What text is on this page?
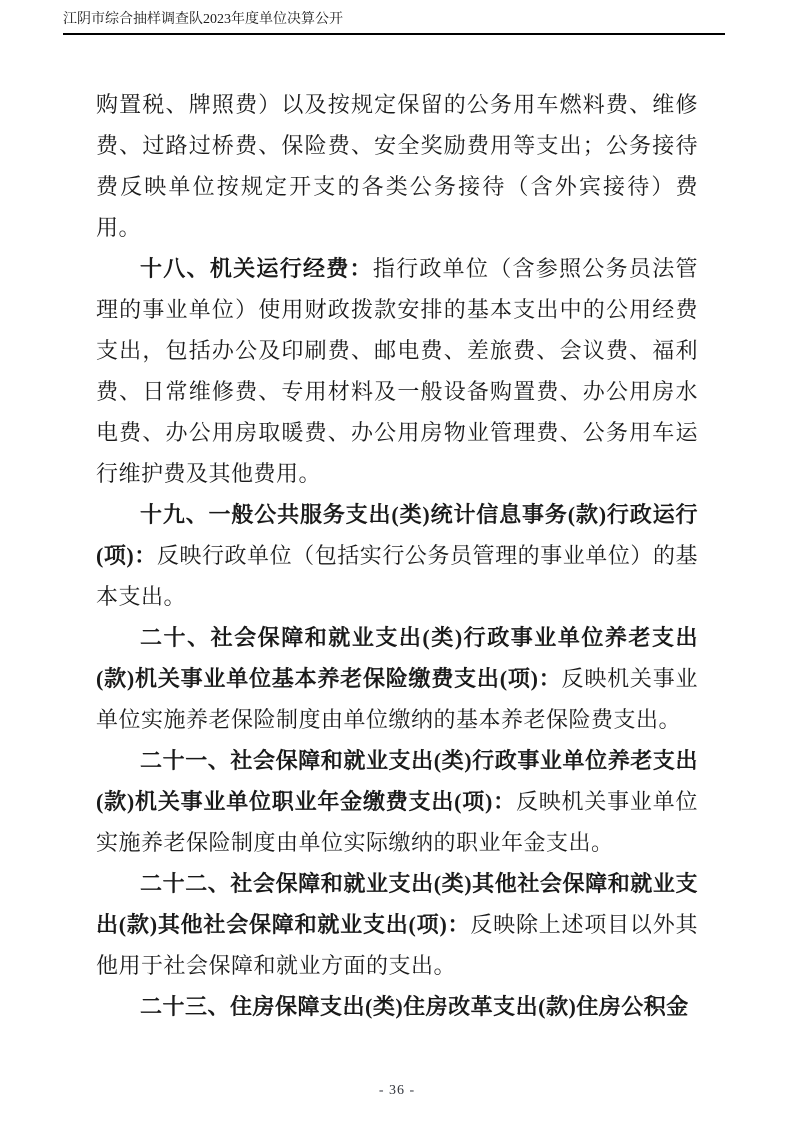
江阴市综合抽样调查队2023年度单位决算公开

购置税、牌照费）以及按规定保留的公务用车燃料费、维修费、过路过桥费、保险费、安全奖励费用等支出；公务接待费反映单位按规定开支的各类公务接待（含外宾接待）费用。

十八、机关运行经费：指行政单位（含参照公务员法管理的事业单位）使用财政拨款安排的基本支出中的公用经费支出，包括办公及印刷费、邮电费、差旅费、会议费、福利费、日常维修费、专用材料及一般设备购置费、办公用房水电费、办公用房取暖费、办公用房物业管理费、公务用车运行维护费及其他费用。

十九、一般公共服务支出(类)统计信息事务(款)行政运行(项)：反映行政单位（包括实行公务员管理的事业单位）的基本支出。

二十、社会保障和就业支出(类)行政事业单位养老支出(款)机关事业单位基本养老保险缴费支出(项)：反映机关事业单位实施养老保险制度由单位缴纳的基本养老保险费支出。

二十一、社会保障和就业支出(类)行政事业单位养老支出(款)机关事业单位职业年金缴费支出(项)：反映机关事业单位实施养老保险制度由单位实际缴纳的职业年金支出。

二十二、社会保障和就业支出(类)其他社会保障和就业支出(款)其他社会保障和就业支出(项)：反映除上述项目以外其他用于社会保障和就业方面的支出。

二十三、住房保障支出(类)住房改革支出(款)住房公积金

- 36 -
